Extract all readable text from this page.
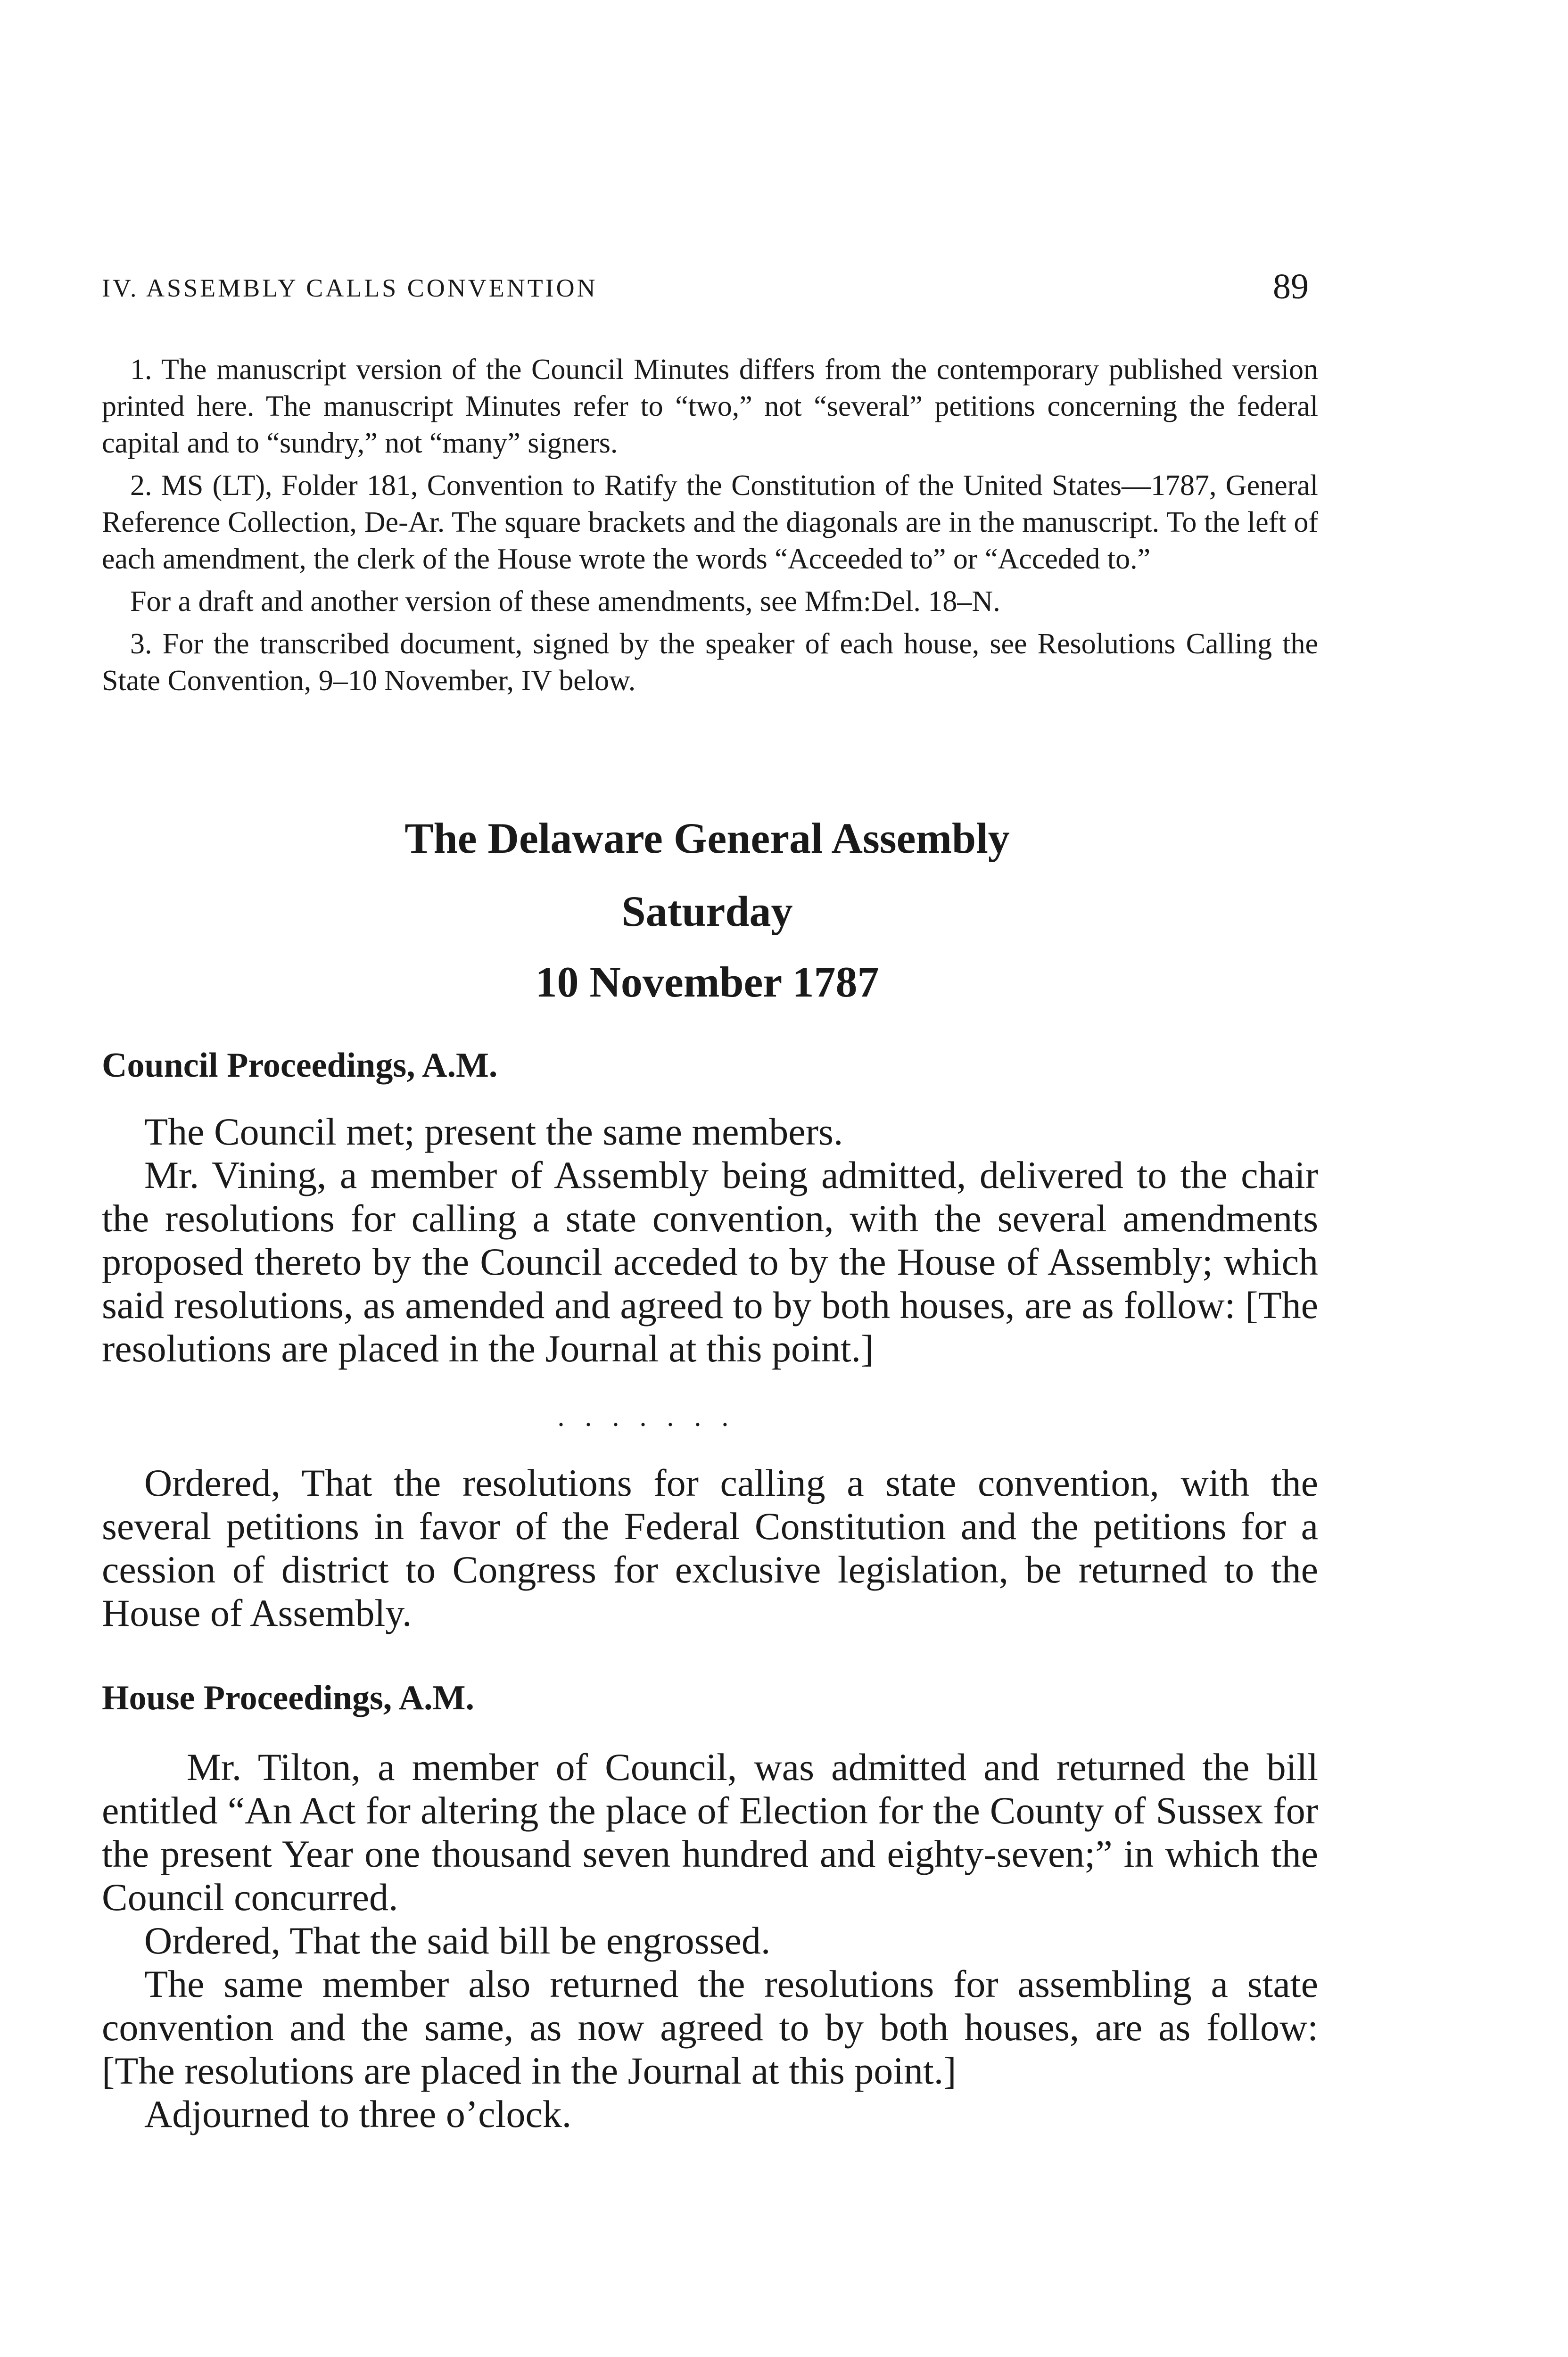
IV. ASSEMBLY CALLS CONVENTION	89

1. The manuscript version of the Council Minutes differs from the contemporary published version printed here. The manuscript Minutes refer to “two,” not “several” petitions concerning the federal capital and to “sundry,” not “many” signers.

2. MS (LT), Folder 181, Convention to Ratify the Constitution of the United States—1787, General Reference Collection, De-Ar. The square brackets and the diagonals are in the manuscript. To the left of each amendment, the clerk of the House wrote the words “Acceeded to” or “Acceded to.”

For a draft and another version of these amendments, see Mfm:Del. 18–N.

3. For the transcribed document, signed by the speaker of each house, see Resolutions Calling the State Convention, 9–10 November, IV below.

The Delaware General Assembly
Saturday
10 November 1787
Council Proceedings, A.M.

The Council met; present the same members.

Mr. Vining, a member of Assembly being admitted, delivered to the chair the resolutions for calling a state convention, with the several amendments proposed thereto by the Council acceded to by the House of Assembly; which said resolutions, as amended and agreed to by both houses, are as follow: [The resolutions are placed in the Journal at this point.]

·······

Ordered, That the resolutions for calling a state convention, with the several petitions in favor of the Federal Constitution and the petitions for a cession of district to Congress for exclusive legislation, be returned to the House of Assembly.

House Proceedings, A.M.

Mr. Tilton, a member of Council, was admitted and returned the bill entitled “An Act for altering the place of Election for the County of Sussex for the present Year one thousand seven hundred and eighty-seven;” in which the Council concurred.

Ordered, That the said bill be engrossed.

The same member also returned the resolutions for assembling a state convention and the same, as now agreed to by both houses, are as follow: [The resolutions are placed in the Journal at this point.]

Adjourned to three o’clock.
